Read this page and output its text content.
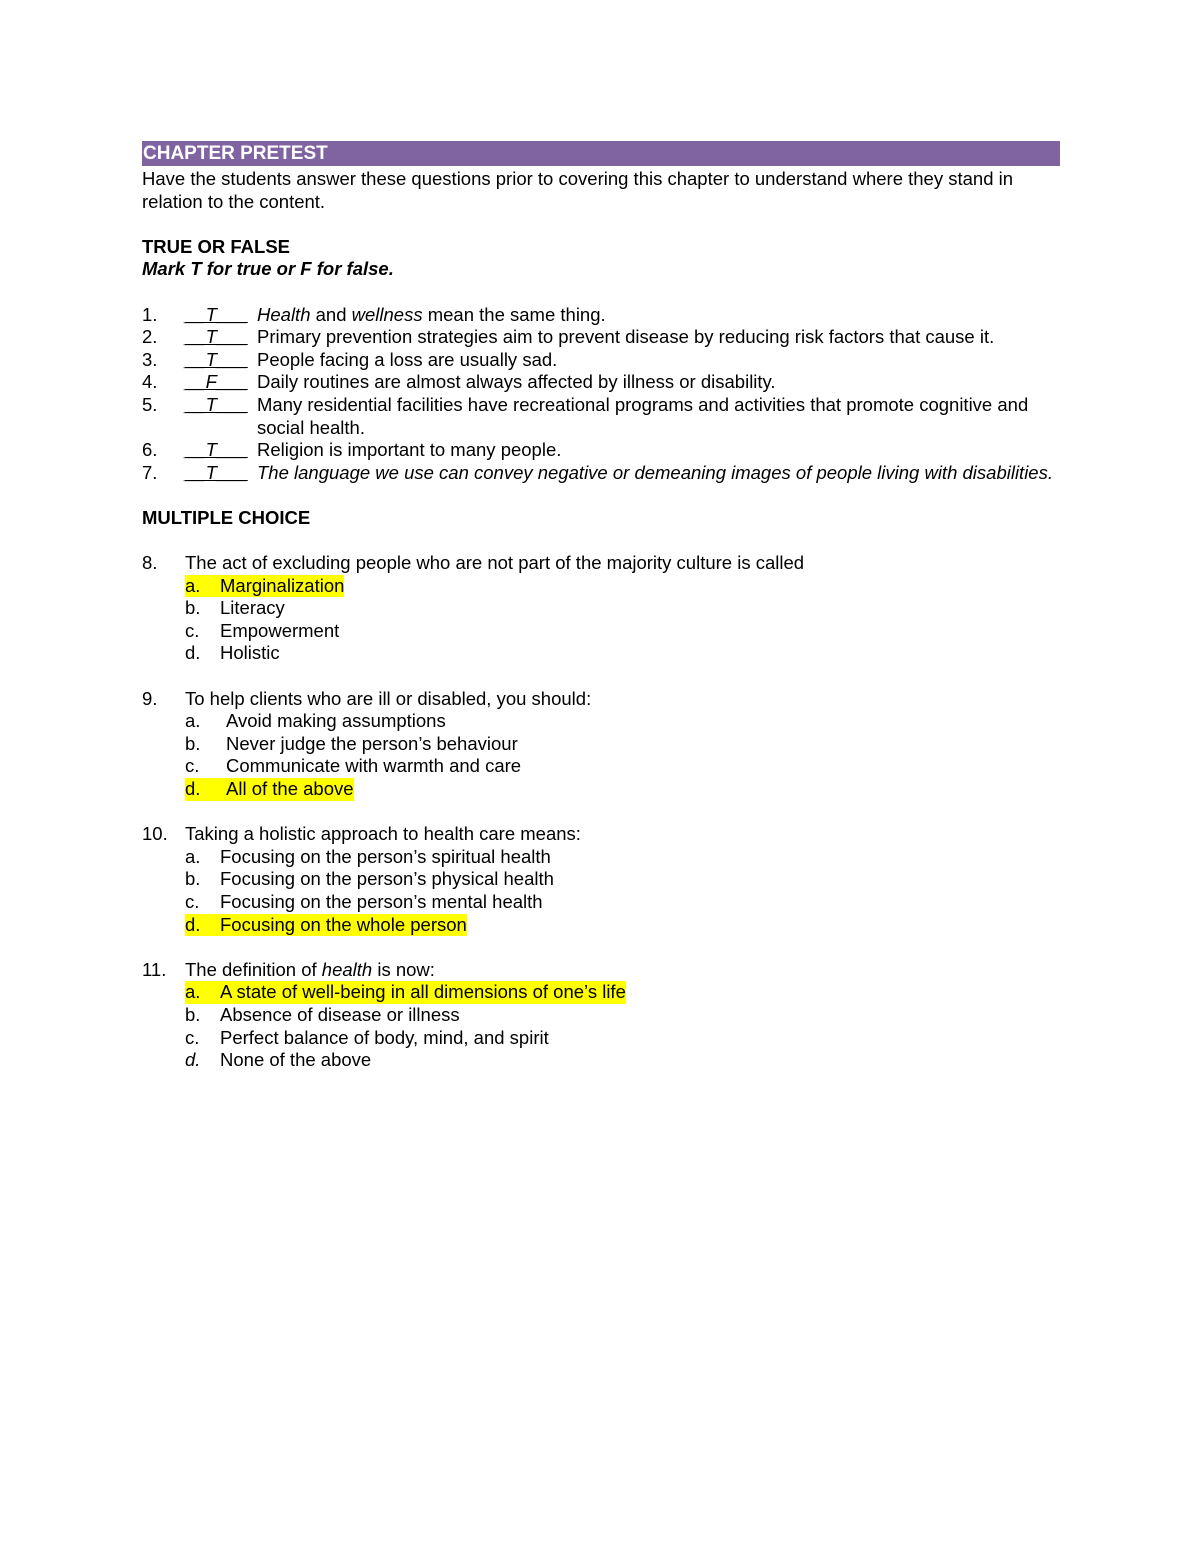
CHAPTER PRETEST
Have the students answer these questions prior to covering this chapter to understand where they stand in relation to the content.
TRUE OR FALSE
Mark T for true or F for false.
1.	__T___ Health and wellness mean the same thing.
2.	__T___ Primary prevention strategies aim to prevent disease by reducing risk factors that cause it.
3.	__T___ People facing a loss are usually sad.
4.	__F___ Daily routines are almost always affected by illness or disability.
5.	__T___ Many residential facilities have recreational programs and activities that promote cognitive and social health.
6.	__T___ Religion is important to many people.
7.	__T___ The language we use can convey negative or demeaning images of people living with disabilities.
MULTIPLE CHOICE
8.	The act of excluding people who are not part of the majority culture is called
a.	Marginalization
b.	Literacy
c.	Empowerment
d.	Holistic
9.	To help clients who are ill or disabled, you should:
a.	Avoid making assumptions
b.	Never judge the person’s behaviour
c.	Communicate with warmth and care
d.	All of the above
10. Taking a holistic approach to health care means:
a.	Focusing on the person’s spiritual health
b.	Focusing on the person’s physical health
c.	Focusing on the person’s mental health
d.	Focusing on the whole person
11.	The definition of health is now:
a.	A state of well-being in all dimensions of one’s life
b.	Absence of disease or illness
c.	Perfect balance of body, mind, and spirit
d.	None of the above
